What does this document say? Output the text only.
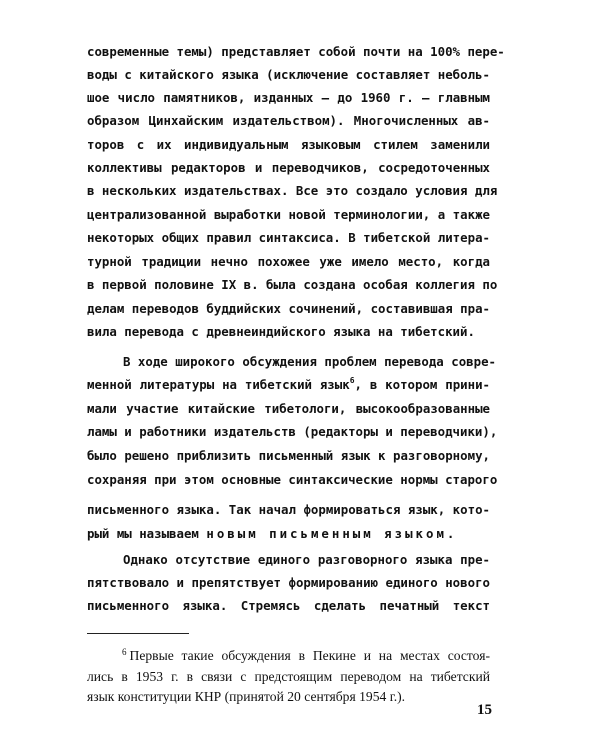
современные темы) представляет собой почти на 100% пере-
воды с китайского языка (исключение составляет неболь-
шое число памятников, изданных — до 1960 г. — главным
образом Цинхайским издательством). Многочисленных ав-
торов с их индивидуальным языковым стилем заменили
коллективы редакторов и переводчиков, сосредоточенных
в нескольких издательствах. Все это создало условия для
централизованной выработки новой терминологии, а также
некоторых общих правил синтаксиса. В тибетской литера-
турной традиции нечно похожее уже имело место, когда
в первой половине IX в. была создана особая коллегия по
делам переводов буддийских сочинений, составившая пра-
вила перевода с древнеиндийского языка на тибетский.
В ходе широкого обсуждения проблем перевода совре-
менной литературы на тибетский язык$^6$, в котором прини-
мали участие китайские тибетологи, высокообразованные
ламы и работники издательств (редакторы и переводчики),
было решено приблизить письменный язык к разговорному,
сохраняя при этом основные синтаксические нормы старого
письменного языка. Так начал формироваться язык, кото-
рый мы называем новым письменным языком.
Однако отсутствие единого разговорного языка пре-
пятствовало и препятствует формированию единого нового
письменного языка. Стремясь сделать печатный текст
$^6$ Первые такие обсуждения в Пекине и на местах состоя-
лись в 1953 г. в связи с предстоящим переводом на тибетский
язык конституции КНР (принятой 20 сентября 1954 г.).
15
